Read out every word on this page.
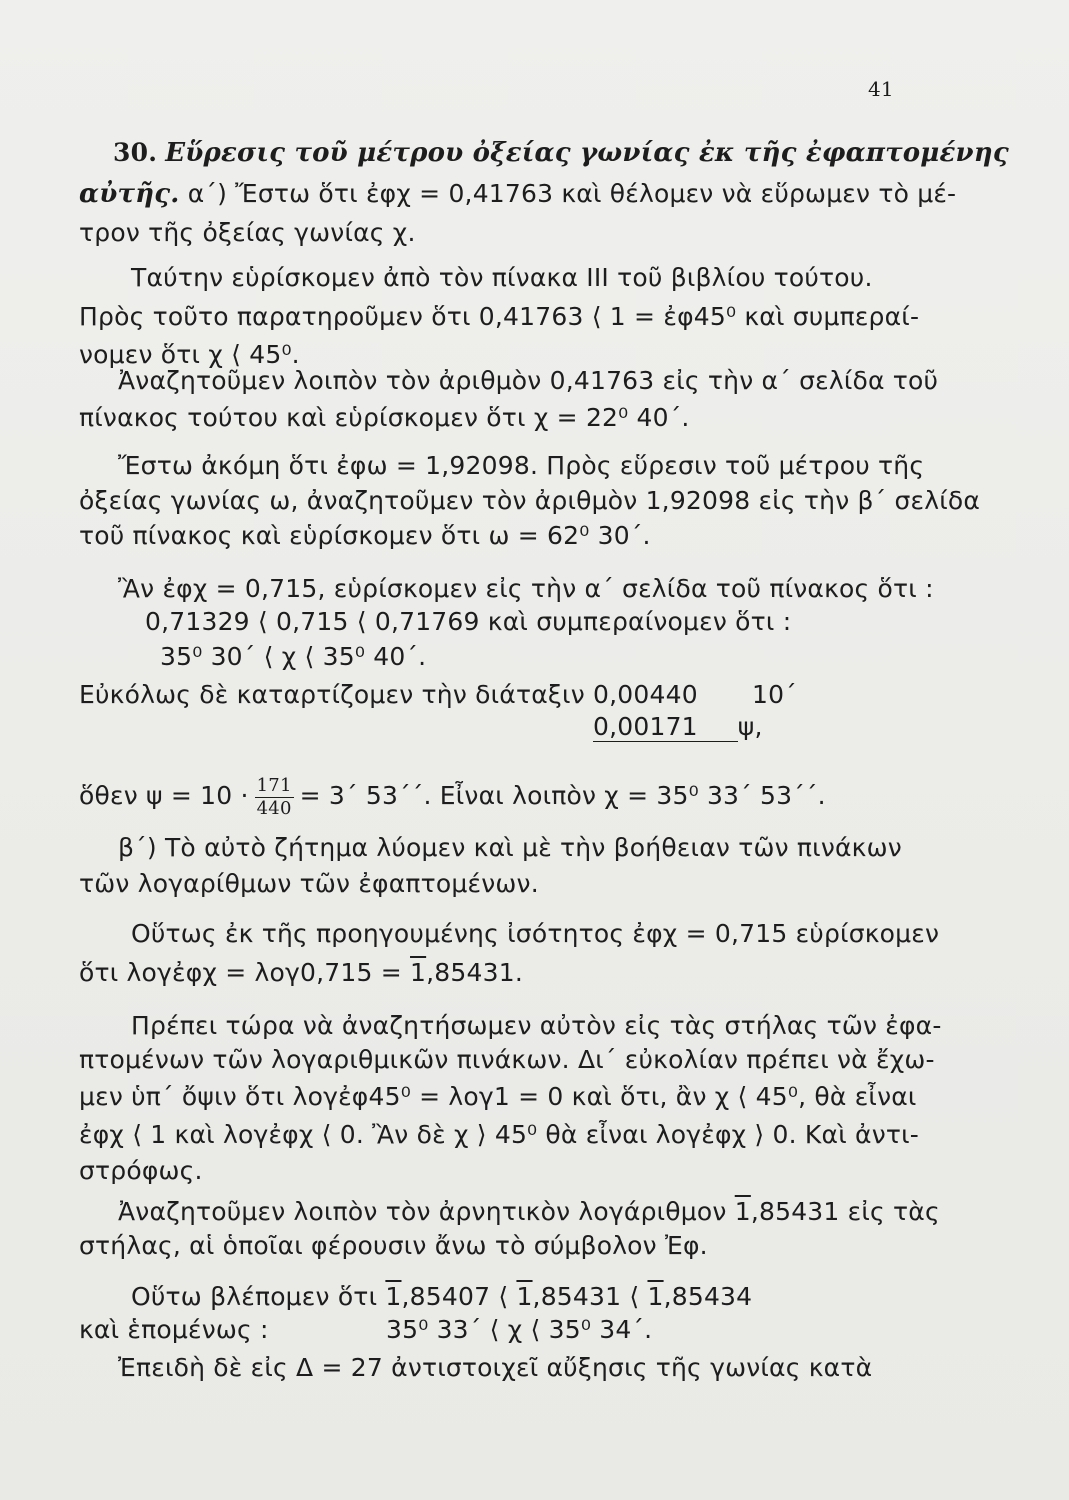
41
30. Εὕρεσις τοῦ μέτρου ὀξείας γωνίας ἐκ τῆς ἐφαπτομένης
αὐτῆς. α΄) Ἔστω ὅτι ἐφχ = 0,41763 καὶ θέλομεν νὰ εὕρωμεν τὸ μέ-
τρον τῆς ὀξείας γωνίας χ.
Ταύτην εὑρίσκομεν ἀπὸ τὸν πίνακα III τοῦ βιβλίου τούτου.
Πρὸς τοῦτο παρατηροῦμεν ὅτι 0,41763 ⟨ 1 = ἐφ45⁰ καὶ συμπεραί-
νομεν ὅτι χ ⟨ 45⁰.
Ἀναζητοῦμεν λοιπὸν τὸν ἀριθμὸν 0,41763 εἰς τὴν α΄ σελίδα τοῦ
πίνακος τούτου καὶ εὑρίσκομεν ὅτι χ = 22⁰ 40΄.
Ἔστω ἀκόμη ὅτι ἐφω = 1,92098. Πρὸς εὕρεσιν τοῦ μέτρου τῆς
ὀξείας γωνίας ω, ἀναζητοῦμεν τὸν ἀριθμὸν 1,92098 εἰς τὴν β΄ σελίδα
τοῦ πίνακος καὶ εὑρίσκομεν ὅτι ω = 62⁰ 30΄.
Ἂν ἐφχ = 0,715, εὑρίσκομεν εἰς τὴν α΄ σελίδα τοῦ πίνακος ὅτι :
0,71329 ⟨ 0,715 ⟨ 0,71769 καὶ συμπεραίνομεν ὅτι :
35⁰ 30΄ ⟨ χ ⟨ 35⁰ 40΄.
Εὐκόλως δὲ καταρτίζομεν τὴν διάταξιν 0,00440 10΄
0,00171 ψ,
ὅθεν $\psi = 10 \cdot \frac{171}{440} = 3΄$ 53΄΄. Εἶναι λοιπὸν χ = 35⁰ 33΄ 53΄΄.
β΄) Τὸ αὐτὸ ζήτημα λύομεν καὶ μὲ τὴν βοήθειαν τῶν πινάκων
τῶν λογαρίθμων τῶν ἐφαπτομένων.
Οὕτως ἐκ τῆς προηγουμένης ἰσότητος ἐφχ = 0,715 εὑρίσκομεν
ὅτι λογἐφχ = λογ0,715 = 1,85431.
Πρέπει τώρα νὰ ἀναζητήσωμεν αὐτὸν εἰς τὰς στήλας τῶν ἐφα-
πτομένων τῶν λογαριθμικῶν πινάκων. Δι΄ εὐκολίαν πρέπει νὰ ἔχω-
μεν ὑπ΄ ὄψιν ὅτι λογἐφ45⁰ = λογ1 = 0 καὶ ὅτι, ἂν χ ⟨ 45⁰, θὰ εἶναι
ἐφχ ⟨ 1 καὶ λογἐφχ ⟨ 0. Ἂν δὲ χ ⟩ 45⁰ θὰ εἶναι λογἐφχ ⟩ 0. Καὶ ἀντι-
στρόφως.
Ἀναζητοῦμεν λοιπὸν τὸν ἀρνητικὸν λογάριθμον 1,85431 εἰς τὰς
στήλας, αἱ ὁποῖαι φέρουσιν ἄνω τὸ σύμβολον Ἐφ.
Οὕτω βλέπομεν ὅτι 1,85407 ⟨ 1,85431 ⟨ 1,85434
καὶ ἑπομένως :	35⁰ 33΄ ⟨ χ ⟨ 35⁰ 34΄.
Ἐπειδὴ δὲ εἰς Δ = 27 ἀντιστοιχεῖ αὔξησις τῆς γωνίας κατὰ
